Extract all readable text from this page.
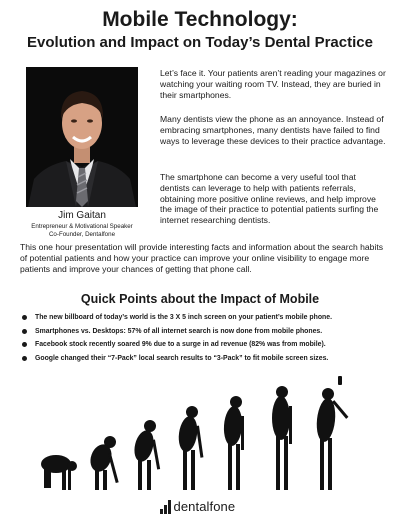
Mobile Technology:
Evolution and Impact on Today’s Dental Practice

Jim Gaitan

Entrepreneur & Motivational Speaker

Co-Founder, Dentalfone

Let’s face it. Your patients aren’t reading your magazines or watching your waiting room TV. Instead, they are buried in their smartphones.

Many dentists view the phone as an annoyance. Instead of embracing smartphones, many dentists have failed to find ways to leverage these devices to their practice advantage.

The smartphone can become a very useful tool that dentists can leverage to help with patients referrals, obtaining more positive online reviews, and help improve the image of their practice to potential patients surfing the internet researching dentists.

This one hour presentation will provide interesting facts and information about the search habits of potential patients and how your practice can improve your online visibility to engage more patients and improve your chances of getting that phone call.

Quick Points about the Impact of Mobile
The new billboard of today’s world is the 3 X 5 inch screen on your patient’s mobile phone.
Smartphones vs. Desktops: 57% of all internet search is now done from mobile phones.
Facebook stock recently soared 9% due to a surge in ad revenue (82% was from mobile).
Google changed their “7-Pack” local search results to “3-Pack” to fit mobile screen sizes.
dentalfone
